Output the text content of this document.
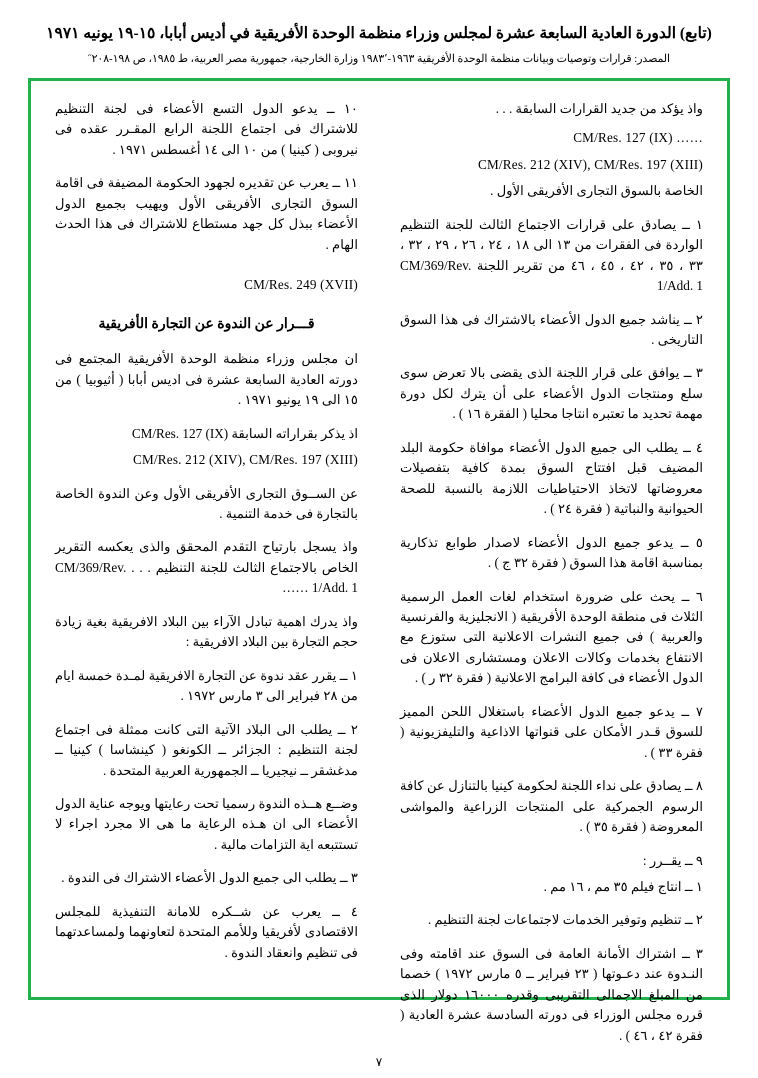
(تابع) الدورة العادية السابعة عشرة لمجلس وزراء منظمة الوحدة الأفريقية في أديس أبابا، ١٥-١٩ يونيه ١٩٧١
المصدر: ‏قرارات وتوصيات وبيانات منظمة الوحدة الأفريقية ١٩٦٣-١٩٨٣٬ وزارة الخارجية، جمهورية مصر العربية، ط ١٩٨٥، ص ١٩٨-٢٠٨˝

واذ يؤكد من جديد القرارات السابقة . . .

CM/Res. 127 (IX) ……

CM/Res. 212 (XIV), CM/Res. 197 (XIII)

الخاصة بالسوق التجارى الأفريقى الأول .

١ ــ يصادق على قرارات الاجتماع الثالث للجنة التنظيم الواردة فى الفقرات من ١٣ الى ١٨ ، ٢٤ ، ٢٦ ، ٢٩ ، ٣٢ ، ٣٣ ، ٣٥ ، ٤٢ ، ٤٥ ، ٤٦ من تقرير اللجنة CM/369/Rev. 1/Add. 1

٢ ــ يناشد جميع الدول الأعضاء بالاشتراك فى هذا السوق التاريخى .

٣ ــ يوافق على قرار اللجنة الذى يقضى بالا تعرض سوى سلع ومنتجات الدول الأعضاء على أن يترك لكل دورة مهمة تحديد ما تعتبره انتاجا محليا ( الفقرة ١٦ ) .

٤ ــ يطلب الى جميع الدول الأعضاء موافاة حكومة البلد المضيف قبل افتتاح السوق بمدة كافية بتفصيلات معروضاتها لاتخاذ الاحتياطيات اللازمة بالنسبة للصحة الحيوانية والنباتية ( فقرة ٢٤ ) .

٥ ــ يدعو جميع الدول الأعضاء لاصدار طوابع تذكارية بمناسبة اقامة هذا السوق ( فقرة ٣٢ ج ) .

٦ ــ يحث على ضرورة استخدام لغات العمل الرسمية الثلاث فى منطقة الوحدة الأفريقية ( الانجليزية والفرنسية والعربية ) فى جميع النشرات الاعلانية التى ستوزع مع الانتفاع بخدمات وكالات الاعلان ومستشارى الاعلان فى الدول الأعضاء فى كافة البرامج الاعلانية ( فقرة ٣٢ ر ) .

٧ ــ يدعو جميع الدول الأعضاء باستغلال اللحن المميز للسوق قـدر الأمكان على قنواتها الاذاعية والتليفزيونية ( فقرة ٣٣ ) .

٨ ــ يصادق على نداء اللجنة لحكومة كينيا بالتنازل عن كافة الرسوم الجمركية على المنتجات الزراعية والمواشى المعروضة ( فقرة ٣٥ ) .

٩ ــ يقــرر :

١ ــ انتاج فيلم ٣٥ مم ، ١٦ مم .

٢ ــ تنظيم وتوفير الخدمات لاجتماعات لجنة التنظيم .

٣ ــ اشتراك الأمانة العامة فى السوق عند اقامته وفى النـدوة عند دعـوتها ( ٢٣ فبراير ــ ٥ مارس ١٩٧٢ ) خصما من المبلغ الاجمالى التقريبى وقدره ١٦٠٠٠ دولار الذى قرره مجلس الوزراء فى دورته السادسة عشرة العادية ( فقرة ٤٢ ، ٤٦ ) .

١٠ ــ يدعو الدول التسع الأعضاء فى لجنة التنظيم للاشتراك فى اجتماع اللجنة الرابع المقـرر عقده فى نيروبى ( كينيا ) من ١٠ الى ١٤ أغسطس ١٩٧١ .

١١ ــ يعرب عن تقديره لجهود الحكومة المضيفة فى اقامة السوق التجارى الأفريقى الأول ويهيب بجميع الدول الأعضاء ببذل كل جهد مستطاع للاشتراك فى هذا الحدث الهام .

CM/Res. 249 (XVII)

قـــرار عن الندوة عن التجارة الأفريقية

ان مجلس وزراء منظمة الوحدة الأفريقية المجتمع فى دورته العادية السابعة عشرة فى اديس أبابا ( أثيوبيا ) من ١٥ الى ١٩ يونيو ١٩٧١ .

اذ يذكر بقراراته السابقة CM/Res. 127 (IX)

CM/Res. 212 (XIV), CM/Res. 197 (XIII)

عن الســوق التجارى الأفريقى الأول وعن الندوة الخاصة بالتجارة فى خدمة التنمية .

واذ يسجل بارتياح التقدم المحقق والذى يعكسه التقرير الخاص بالاجتماع الثالث للجنة التنظيم . . . CM/369/Rev. 1/Add. 1 ……

واذ يدرك اهمية تبادل الآراء بين البلاد الافريقية بغية زيادة حجم التجارة بين البلاد الافريقية :

١ ــ يقرر عقد ندوة عن التجارة الافريقية لمـدة خمسة ايام من ٢٨ فبراير الى ٣ مارس ١٩٧٢ .

٢ ــ يطلب الى البلاد الآتية التى كانت ممثلة فى اجتماع لجنة التنظيم : الجزائر ــ الكونغو ( كينشاسا ) كينيا ــ مدغشقر ــ نيجيريا ــ الجمهورية العربية المتحدة .

وضــع هــذه الندوة رسميا تحت رعايتها ويوجه عناية الدول الأعضاء الى ان هـذه الرعاية ما هى الا مجرد اجراء لا تستتبعه اية التزامات مالية .

٣ ــ يطلب الى جميع الدول الأعضاء الاشتراك فى الندوة .

٤ ــ يعرب عن شــكره للامانة التنفيذية للمجلس الاقتصادى لأفريقيا وللأمم المتحدة لتعاونهما ولمساعدتهما فى تنظيم وانعقاد الندوة .

٧
